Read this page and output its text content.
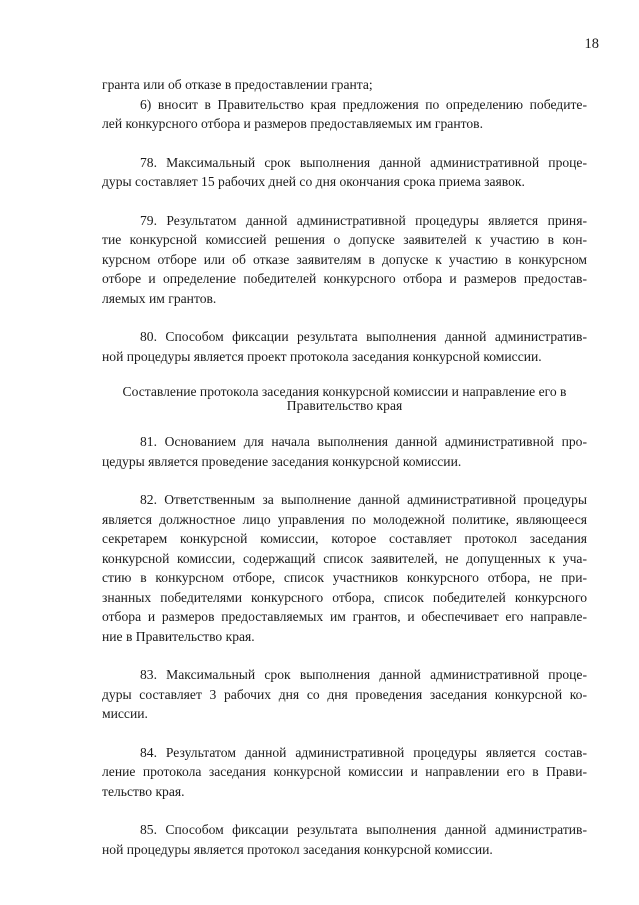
18
гранта или об отказе в предоставлении гранта;
6) вносит в Правительство края предложения по определению победите-
лей конкурсного отбора и размеров предоставляемых им грантов.
78. Максимальный срок выполнения данной административной проце-
дуры составляет 15 рабочих дней со дня окончания срока приема заявок.
79. Результатом данной административной процедуры является приня-
тие конкурсной комиссией решения о допуске заявителей к участию в кон-
курсном отборе или об отказе заявителям в допуске к участию в конкурсном
отборе и определение победителей конкурсного отбора и размеров предостав-
ляемых им грантов.
80. Способом фиксации результата выполнения данной административ-
ной процедуры является проект протокола заседания конкурсной комиссии.
Составление протокола заседания конкурсной комиссии и направление его в
Правительство края
81. Основанием для начала выполнения данной административной про-
цедуры является проведение заседания конкурсной комиссии.
82. Ответственным за выполнение данной административной процедуры
является должностное лицо управления по молодежной политике, являющееся
секретарем конкурсной комиссии, которое составляет протокол заседания
конкурсной комиссии, содержащий список заявителей, не допущенных к уча-
стию в конкурсном отборе, список участников конкурсного отбора, не при-
знанных победителями конкурсного отбора, список победителей конкурсного
отбора и размеров предоставляемых им грантов, и обеспечивает его направле-
ние в Правительство края.
83. Максимальный срок выполнения данной административной проце-
дуры составляет 3 рабочих дня со дня проведения заседания конкурсной ко-
миссии.
84. Результатом данной административной процедуры является состав-
ление протокола заседания конкурсной комиссии и направлении его в Прави-
тельство края.
85. Способом фиксации результата выполнения данной административ-
ной процедуры является протокол заседания конкурсной комиссии.
